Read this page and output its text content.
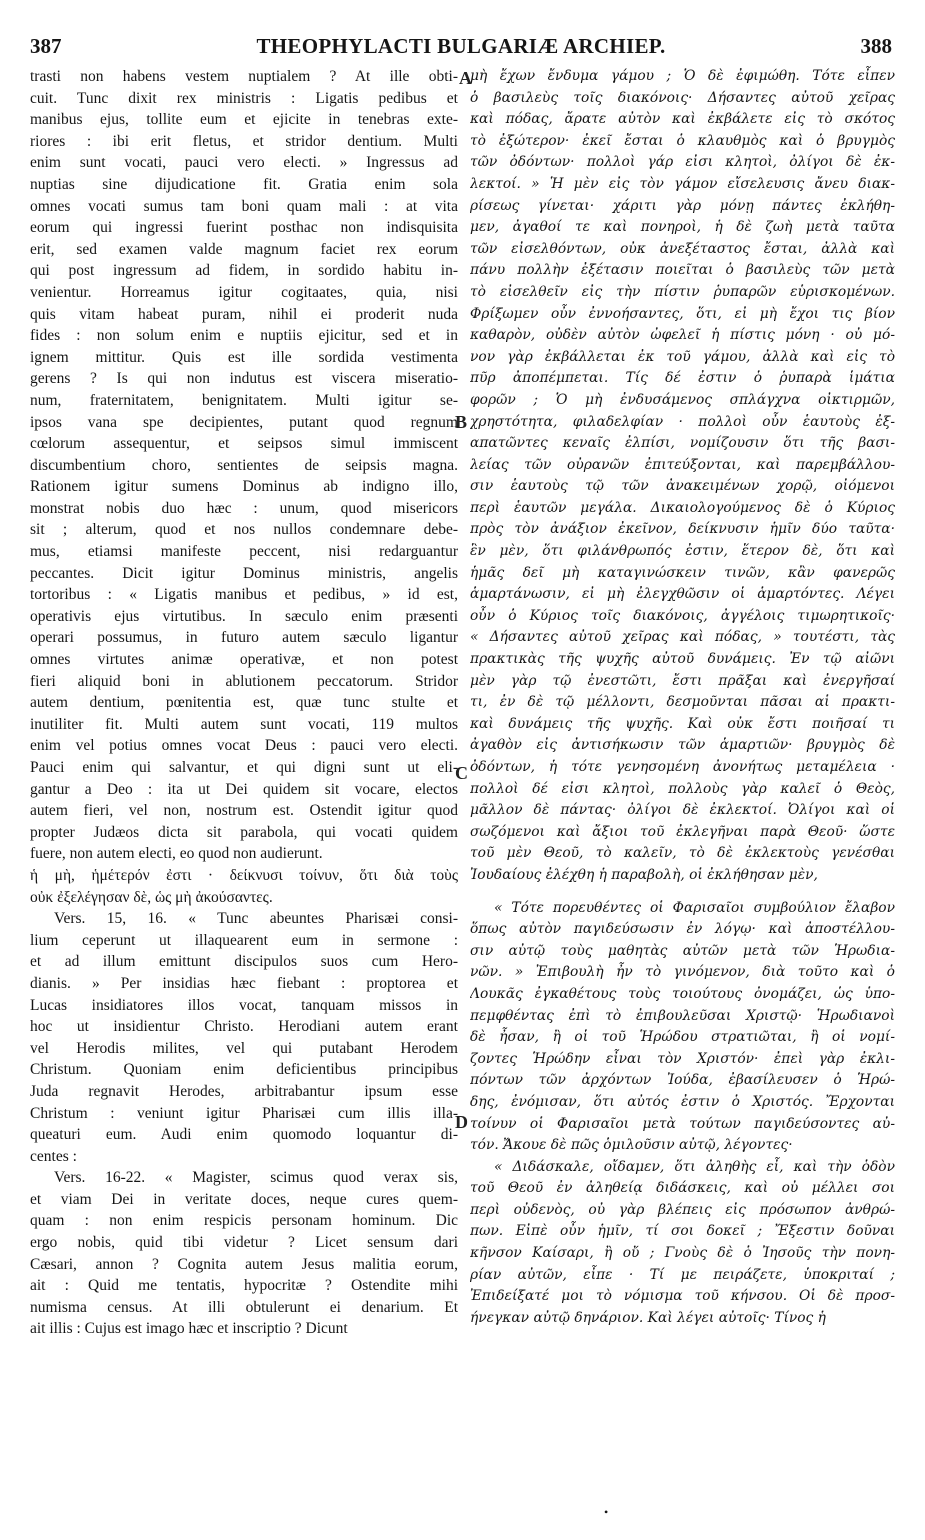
387	THEOPHYLACTI BULGARIÆ ARCHIEP.	388
A
B
C
D
trasti non habens vestem nuptialem ? At ille obti-
cuit. Tunc dixit rex ministris : Ligatis pedibus et
manibus ejus, tollite eum et ejicite in tenebras exte-
riores : ibi erit fletus, et stridor dentium. Multi
enim sunt vocati, pauci vero electi. » Ingressus ad
nuptias sine dijudicatione fit. Gratia enim sola
omnes vocati sumus tam boni quam mali : at vita
eorum qui ingressi fuerint posthac non indisquisita
erit, sed examen valde magnum faciet rex eorum
qui post ingressum ad fidem, in sordido habitu in-
venientur. Horreamus igitur cogitaates, quia, nisi
quis vitam habeat puram, nihil ei proderit nuda
fides : non solum enim e nuptiis ejicitur, sed et in
ignem mittitur. Quis est ille sordida vestimenta
gerens ? Is qui non indutus est viscera miseratio-
num, fraternitatem, benignitatem. Multi igitur se-
ipsos vana spe decipientes, putant quod regnum
cœlorum assequentur, et seipsos simul immiscent
discumbentium choro, sentientes de seipsis magna.
Rationem igitur sumens Dominus ab indigno illo,
monstrat nobis duo hæc : unum, quod misericors
sit ; alterum, quod et nos nullos condemnare debe-
mus, etiamsi manifeste peccent, nisi redarguantur
peccantes. Dicit igitur Dominus ministris, angelis
tortoribus : « Ligatis manibus et pedibus, » id est,
operativis ejus virtutibus. In sæculo enim præsenti
operari possumus, in futuro autem sæculo ligantur
omnes virtutes animæ operativæ, et non potest
fieri aliquid boni in ablutionem peccatorum. Stridor
autem dentium, pœnitentia est, quæ tunc stulte et
inutiliter fit. Multi autem sunt vocati, 119 multos
enim vel potius omnes vocat Deus : pauci vero electi.
Pauci enim qui salvantur, et qui digni sunt ut eli-
gantur a Deo : ita ut Dei quidem sit vocare, electos
autem fieri, vel non, nostrum est. Ostendit igitur quod
propter Judæos dicta sit parabola, qui vocati quidem
fuere, non autem electi, eo quod non audierunt.
ἡ μὴ, ἡμέτερόν ἐστι · δείκνυσι τοίνυν, ὅτι διὰ τοὺς
οὐκ ἐξελέγησαν δὲ, ὡς μὴ ἀκούσαντες.
Vers. 15, 16. « Tunc abeuntes Pharisæi consi-
lium ceperunt ut illaquearent eum in sermone :
et ad illum emittunt discipulos suos cum Hero-
dianis. » Per insidias hæc fiebant : proptorea et
Lucas insidiatores illos vocat, tanquam missos in
hoc ut insidientur Christo. Herodiani autem erant
vel Herodis milites, vel qui putabant Herodem
Christum. Quoniam enim deficientibus principibus
Juda regnavit Herodes, arbitrabantur ipsum esse
Christum : veniunt igitur Pharisæi cum illis illa-
queaturi eum. Audi enim quomodo loquantur di-
centes :
Vers. 16-22. « Magister, scimus quod verax sis,
et viam Dei in veritate doces, neque cures quem-
quam : non enim respicis personam hominum. Dic
ergo nobis, quid tibi videtur ? Licet sensum dari
Cæsari, annon ? Cognita autem Jesus malitia eorum,
ait : Quid me tentatis, hypocritæ ? Ostendite mihi
numisma census. At illi obtulerunt ei denarium. Et
ait illis : Cujus est imago hæc et inscriptio ? Dicunt
μὴ ἔχων ἔνδυμα γάμου ; Ὁ δὲ ἐφιμώθη. Τότε εἶπεν
ὁ βασιλεὺς τοῖς διακόνοις· Δήσαντες αὐτοῦ χεῖρας
καὶ πόδας, ἄρατε αὐτὸν καὶ ἐκβάλετε εἰς τὸ σκότος
τὸ ἐξώτερον· ἐκεῖ ἔσται ὁ κλαυθμὸς καὶ ὁ βρυγμὸς
τῶν ὀδόντων· πολλοὶ γάρ εἰσι κλητοὶ, ὀλίγοι δὲ ἐκ-
λεκτοί. » Ἡ μὲν εἰς τὸν γάμον εἴσελευσις ἄνευ διακ-
ρίσεως γίνεται· χάριτι γὰρ μόνῃ πάντες ἐκλήθη-
μεν, ἀγαθοί τε καὶ πονηροὶ, ἡ δὲ ζωὴ μετὰ ταῦτα
τῶν εἰσελθόντων, οὐκ ἀνεξέταστος ἔσται, ἀλλὰ καὶ
πάνυ πολλὴν ἐξέτασιν ποιεῖται ὁ βασιλεὺς τῶν μετὰ
τὸ εἰσελθεῖν εἰς τὴν πίστιν ῥυπαρῶν εὑρισκομένων.
Φρίξωμεν οὖν ἐννοήσαντες, ὅτι, εἰ μὴ ἔχοι τις βίον
καθαρὸν, οὐδὲν αὐτὸν ὠφελεῖ ἡ πίστις μόνη · οὐ μό-
νον γὰρ ἐκβάλλεται ἐκ τοῦ γάμου, ἀλλὰ καὶ εἰς τὸ
πῦρ ἀποπέμπεται. Τίς δέ ἐστιν ὁ ῥυπαρὰ ἱμάτια
φορῶν ; Ὁ μὴ ἐνδυσάμενος σπλάγχνα οἰκτιρμῶν,
χρηστότητα, φιλαδελφίαν · πολλοὶ οὖν ἑαυτοὺς ἐξ-
απατῶντες κεναῖς ἐλπίσι, νομίζουσιν ὅτι τῆς βασι-
λείας τῶν οὐρανῶν ἐπιτεύξονται, καὶ παρεμβάλλου-
σιν ἑαυτοὺς τῷ τῶν ἀνακειμένων χορῷ, οἰόμενοι
περὶ ἑαυτῶν μεγάλα. Δικαιολογούμενος δὲ ὁ Κύριος
πρὸς τὸν ἀνάξιον ἐκεῖνον, δείκνυσιν ἡμῖν δύο ταῦτα·
ἓν μὲν, ὅτι φιλάνθρωπός ἐστιν, ἕτερον δὲ, ὅτι καὶ
ἡμᾶς δεῖ μὴ καταγινώσκειν τινῶν, κἂν φανερῶς
ἁμαρτάνωσιν, εἰ μὴ ἐλεγχθῶσιν οἱ ἁμαρτόντες. Λέγει
οὖν ὁ Κύριος τοῖς διακόνοις, ἀγγέλοις τιμωρητικοῖς·
« Δήσαντες αὐτοῦ χεῖρας καὶ πόδας, » τουτέστι, τὰς
πρακτικὰς τῆς ψυχῆς αὐτοῦ δυνάμεις. Ἐν τῷ αἰῶνι
μὲν γὰρ τῷ ἐνεστῶτι, ἔστι πρᾶξαι καὶ ἐνεργῆσαί
τι, ἐν δὲ τῷ μέλλοντι, δεσμοῦνται πᾶσαι αἱ πρακτι-
καὶ δυνάμεις τῆς ψυχῆς. Καὶ οὐκ ἔστι ποιῆσαί τι
ἀγαθὸν εἰς ἀντισήκωσιν τῶν ἁμαρτιῶν· βρυγμὸς δὲ
ὀδόντων, ἡ τότε γενησομένη ἀνονήτως μεταμέλεια ·
πολλοὶ δέ εἰσι κλητοὶ, πολλοὺς γὰρ καλεῖ ὁ Θεὸς,
μᾶλλον δὲ πάντας· ὀλίγοι δὲ ἐκλεκτοί. Ὀλίγοι καὶ οἱ
σωζόμενοι καὶ ἄξιοι τοῦ ἐκλεγῆναι παρὰ Θεοῦ· ὥστε
τοῦ μὲν Θεοῦ, τὸ καλεῖν, τὸ δὲ ἐκλεκτοὺς γενέσθαι
Ἰουδαίους ἐλέχθη ἡ παραβολὴ, οἱ ἐκλήθησαν μὲν,
« Τότε πορευθέντες οἱ Φαρισαῖοι συμβούλιον ἔλαβον
ὅπως αὐτὸν παγιδεύσωσιν ἐν λόγῳ· καὶ ἀποστέλλου-
σιν αὐτῷ τοὺς μαθητὰς αὐτῶν μετὰ τῶν Ἡρωδια-
νῶν. » Ἐπιβουλὴ ἦν τὸ γινόμενον, διὰ τοῦτο καὶ ὁ
Λουκᾶς ἐγκαθέτους τοὺς τοιούτους ὀνομάζει, ὡς ὑπο-
πεμφθέντας ἐπὶ τὸ ἐπιβουλεῦσαι Χριστῷ· Ἡρωδιανοὶ
δὲ ἦσαν, ἢ οἱ τοῦ Ἡρώδου στρατιῶται, ἢ οἱ νομί-
ζοντες Ἡρώδην εἶναι τὸν Χριστόν· ἐπεὶ γὰρ ἐκλι-
πόντων τῶν ἀρχόντων Ἰούδα, ἐβασίλευσεν ὁ Ἡρώ-
δης, ἐνόμισαν, ὅτι αὐτός ἐστιν ὁ Χριστός. Ἔρχονται
τοίνυν οἱ Φαρισαῖοι μετὰ τούτων παγιδεύσοντες αὐ-
τόν. Ἄκουε δὲ πῶς ὁμιλοῦσιν αὐτῷ, λέγοντες·
« Διδάσκαλε, οἴδαμεν, ὅτι ἀληθὴς εἶ, καὶ τὴν ὁδὸν
τοῦ Θεοῦ ἐν ἀληθείᾳ διδάσκεις, καὶ οὐ μέλλει σοι
περὶ οὐδενὸς, οὐ γὰρ βλέπεις εἰς πρόσωπον ἀνθρώ-
πων. Εἰπὲ οὖν ἡμῖν, τί σοι δοκεῖ ; Ἔξεστιν δοῦναι
κῆνσον Καίσαρι, ἢ οὔ ; Γνοὺς δὲ ὁ Ἰησοῦς τὴν πονη-
ρίαν αὐτῶν, εἶπε · Τί με πειράζετε, ὑποκριταί ;
Ἐπιδείξατέ μοι τὸ νόμισμα τοῦ κήνσου. Οἱ δὲ προσ-
ήνεγκαν αὐτῷ δηνάριον. Καὶ λέγει αὐτοῖς· Τίνος ἡ
•
